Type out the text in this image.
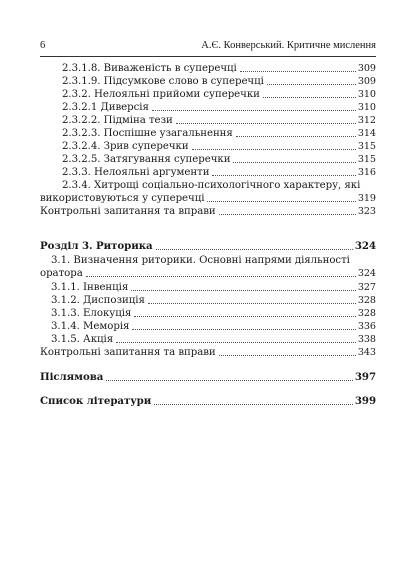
6	А.Є. Конверський. Критичне мислення
2.3.1.8. Виваженість в суперечці	309
2.3.1.9. Підсумкове слово в суперечці	309
2.3.2. Нелояльні прийоми суперечки	310
2.3.2.1 Диверсія	310
2.3.2.2. Підміна тези	312
2.3.2.3. Поспішне узагальнення	314
2.3.2.4. Зрив суперечки	315
2.3.2.5. Затягування суперечки	315
2.3.3. Нелояльні аргументи	316
2.3.4. Хитрощі соціально-психологічного характеру, які
використовуються у суперечці	319
Контрольні запитання та вправи	323
Розділ 3. Риторика	324
3.1. Визначення риторики. Основні напрями діяльності
оратора	324
3.1.1. Інвенція	327
3.1.2. Диспозиція	328
3.1.3. Елокуція	328
3.1.4. Меморія	336
3.1.5. Акція	338
Контрольні запитання та вправи	343
Післямова	397
Список літератури	399
